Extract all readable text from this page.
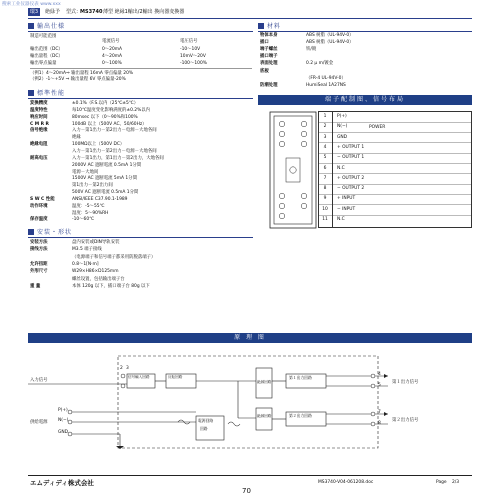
搜索工业仪器仪表 www.xxx
環3	絶緑予 型式：
MS3740 薄型 絶縁1輸出/2輸出 換向器変換器
輸出仕様
制造可能范围
電流信号	電圧信号
輸出范围（DC）	0～20mA	-10～10V
輸出量程（DC）	4～20mA	10mV～20V
輸出零点偏量	0～100%	-100～100%
（例1）4～20mA⇒ 输出量程 16mA 零点偏量 20%
（例2）-1～+5V ⇒ 输出量程 6V 零点偏量-20%
標準性能
変換精度	±0.1%（F.S.以内（25℃±5℃）
温度特性	每10℃温度变化影响满度的±0.2%以内
响应时间	80msec 以下（0～90%和100%
C M R R	100dB 以上（500V AC、50/60Hz）
信号绝缘	入力－第1出力－第2出力－电源－大地各间
絶縁
絶縁电阻	100MΩ以上（500V DC）
入力－第1出力－第2出力－电源－大地各间
耐高电压	入力－第1出力，第1出力－第2出力，大地各间
2000V AC 遮断電流 0.5mA 1分間
電源－大地间
1500V AC 遮断電流 5mA 1分間
第1出力－第2出力间
500V AC 遮断電流 0.5mA 1分間
S W C 性能	ANSI/IEEE C37.90.1-1989
动作环境	温度：-5～55℃
湿度：5～90%RH
保存温度	-10～60℃
安装・形状
安装方法	盘内安装或DIN导轨安装
接线方法	M3.5 端子接线
（电源端子和信号端子都采用防脱落端子）
允许扭距	0.8～1[N·m]
外形尺寸	W29×H86×D125mm
螺丝设置，包括输出端子台
重 量	本体 120g 以下，插口端子台 80g 以下
材料
物体本身	ABS 树脂（UL-94V-0）
插口	ABS 树脂（UL-94V-0）
端子螺丝	铁/镀
插口端子
表面处理	0.2 μ m/镀金
底板
（FR-4 UL-94V-0）
防潮处理	HumiSeal 1A27NS
端子配制图、信号布局
1	P(+)
2	N(−)
3	GND
4	+ OUTPUT 1
5	− OUTPUT 1
6	N.C
7	+ OUTPUT 2
8	− OUTPUT 2
9	+ INPUT
10 − INPUT
11 N.C
POWER
原 理 图
入力信号
供給電源
P(+)
N(−)
GND
2 3
信号輸入回路	反転回路
絶縁回路
第１出力回路
絶縁回路	第２出力回路
電源回路
回路
第１出力信号
第２出力信号
4
5
7
8
エムディディ株式会社
70
MS3740-V04-061208.doc	Page 2/3
